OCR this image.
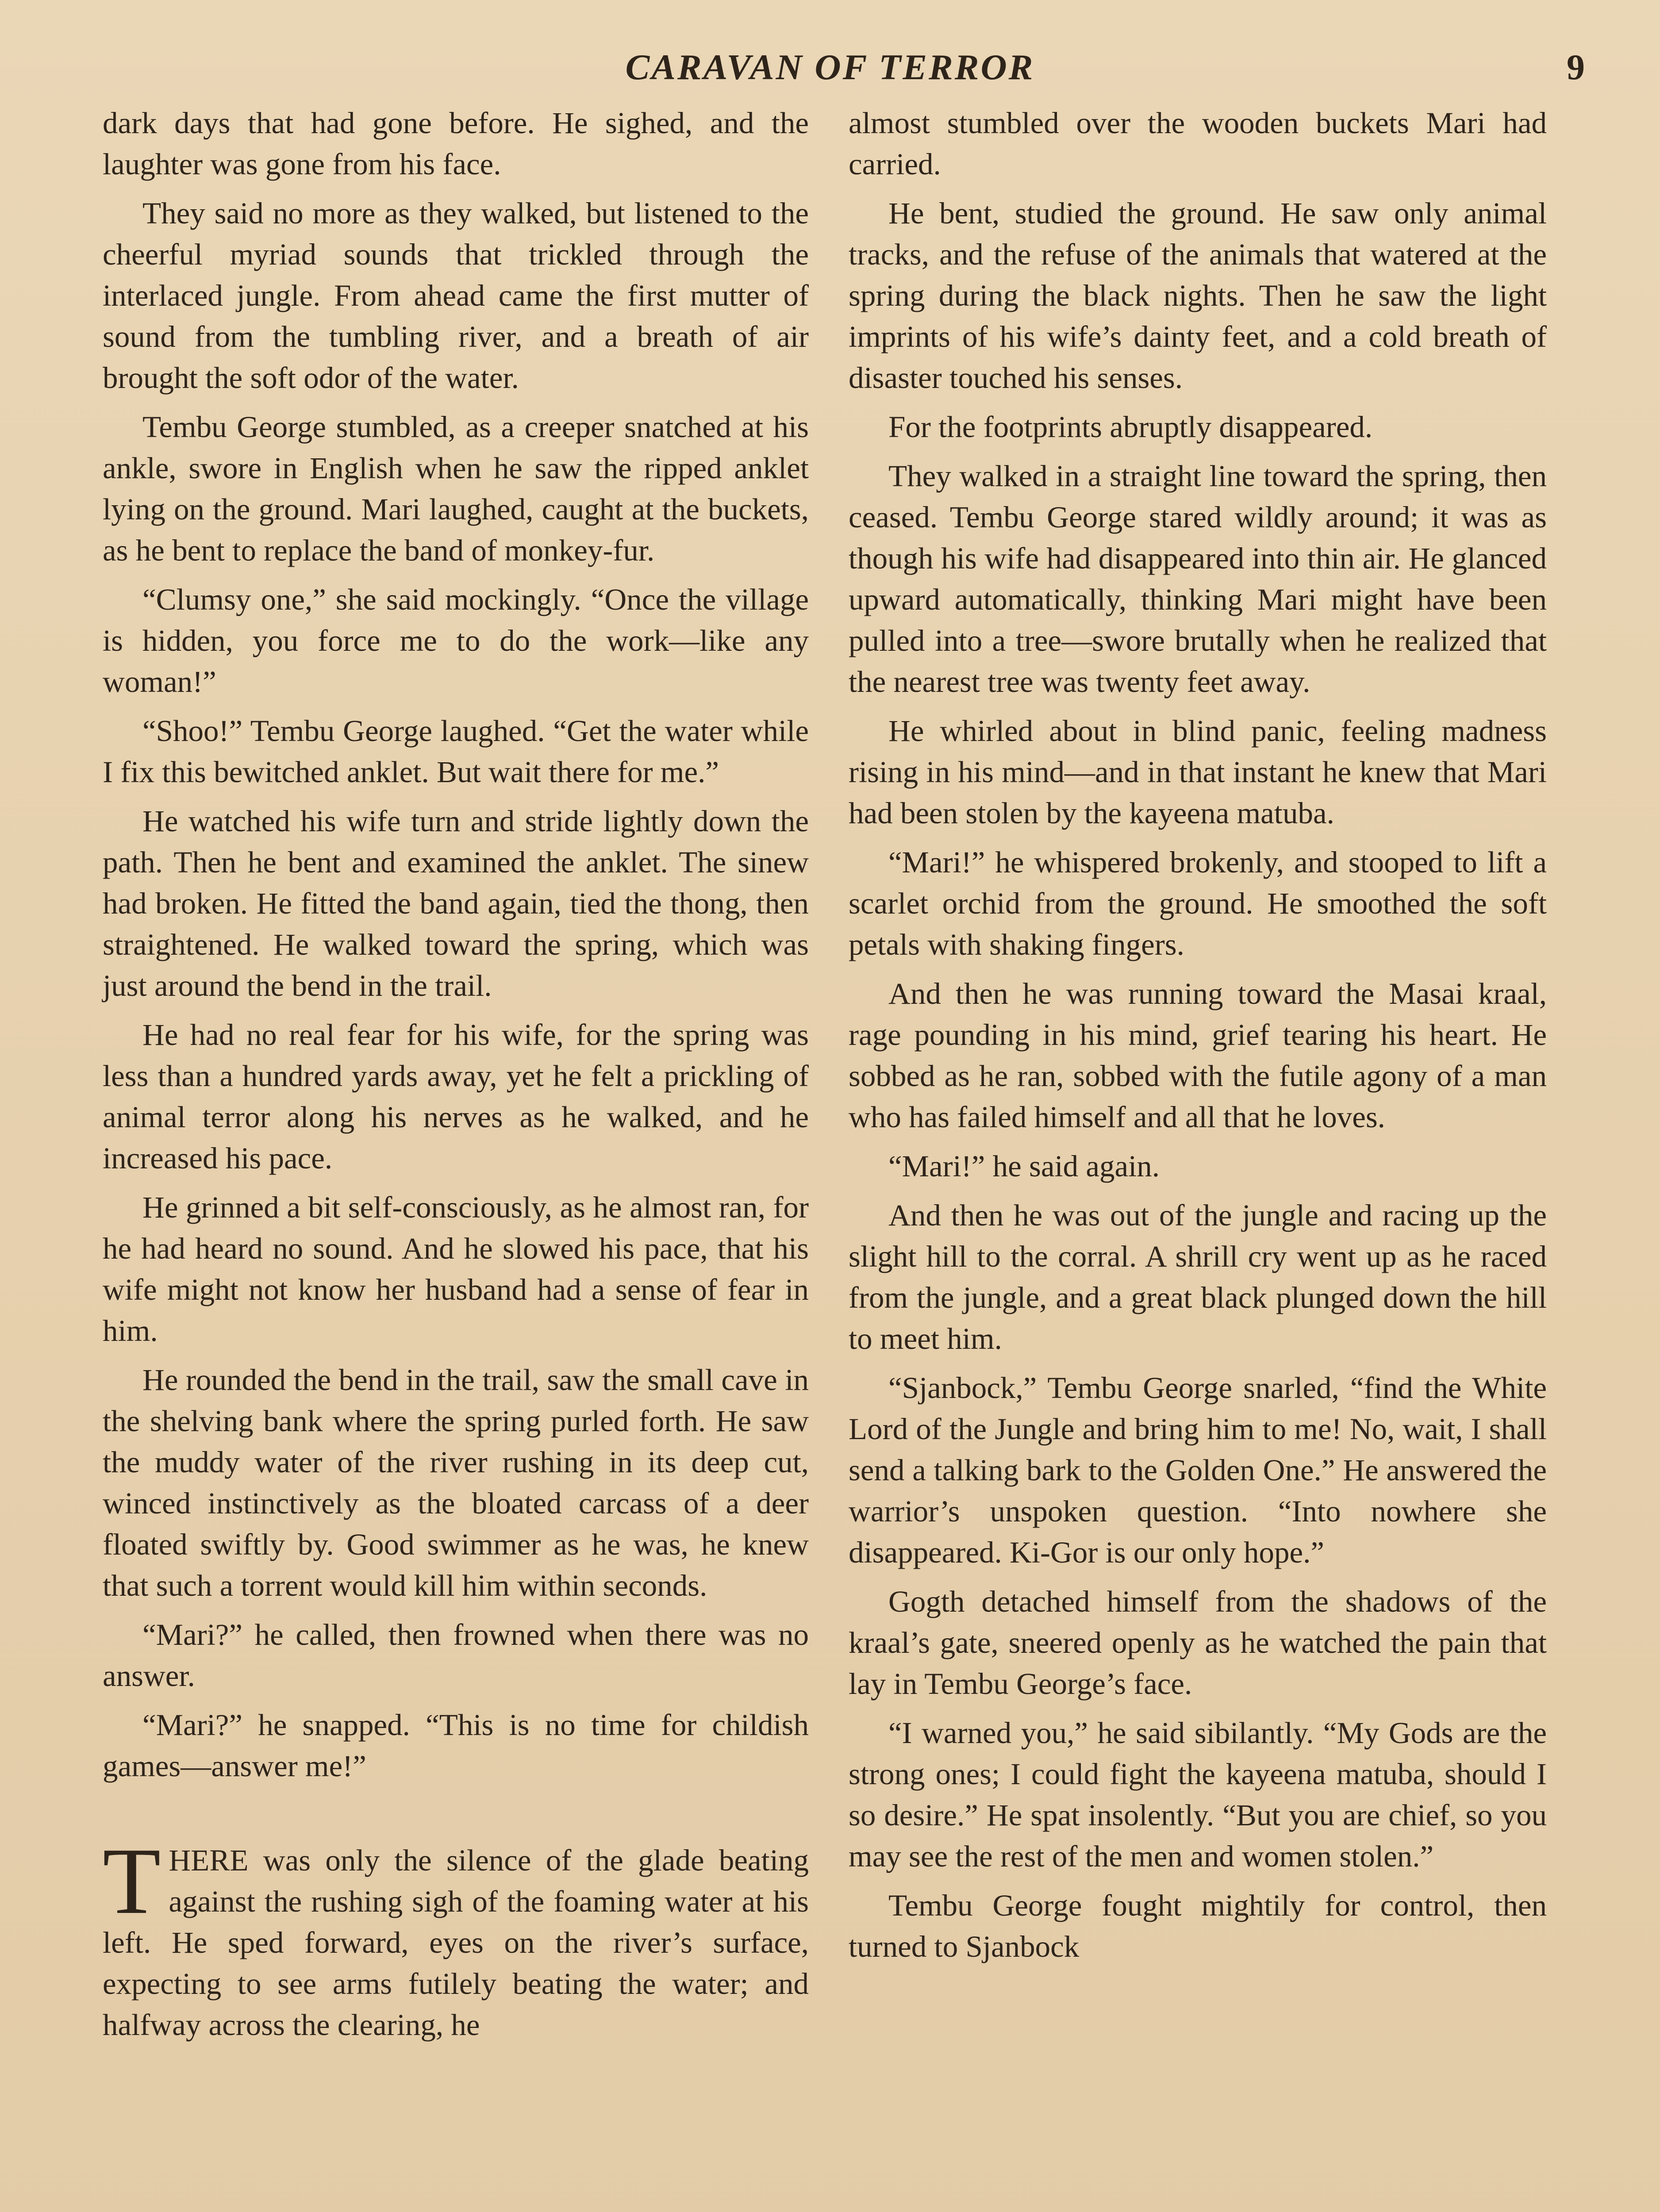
CARAVAN OF TERROR	9

dark days that had gone before. He sighed, and the laughter was gone from his face.

They said no more as they walked, but listened to the cheerful myriad sounds that trickled through the interlaced jungle. From ahead came the first mutter of sound from the tumbling river, and a breath of air brought the soft odor of the water.

Tembu George stumbled, as a creeper snatched at his ankle, swore in English when he saw the ripped anklet lying on the ground. Mari laughed, caught at the buckets, as he bent to replace the band of monkey-fur.

“Clumsy one,” she said mockingly. “Once the village is hidden, you force me to do the work—like any woman!”

“Shoo!” Tembu George laughed. “Get the water while I fix this bewitched anklet. But wait there for me.”

He watched his wife turn and stride lightly down the path. Then he bent and examined the anklet. The sinew had broken. He fitted the band again, tied the thong, then straightened. He walked toward the spring, which was just around the bend in the trail.

He had no real fear for his wife, for the spring was less than a hundred yards away, yet he felt a prickling of animal terror along his nerves as he walked, and he increased his pace.

He grinned a bit self-consciously, as he almost ran, for he had heard no sound. And he slowed his pace, that his wife might not know her husband had a sense of fear in him.

He rounded the bend in the trail, saw the small cave in the shelving bank where the spring purled forth. He saw the muddy water of the river rushing in its deep cut, winced instinctively as the bloated carcass of a deer floated swiftly by. Good swimmer as he was, he knew that such a torrent would kill him within seconds.

“Mari?” he called, then frowned when there was no answer.

“Mari?” he snapped. “This is no time for childish games—answer me!”

THERE was only the silence of the glade beating against the rushing sigh of the foaming water at his left. He sped forward, eyes on the river’s surface, expecting to see arms futilely beating the water; and halfway across the clearing, he

almost stumbled over the wooden buckets Mari had carried.

He bent, studied the ground. He saw only animal tracks, and the refuse of the animals that watered at the spring during the black nights. Then he saw the light imprints of his wife’s dainty feet, and a cold breath of disaster touched his senses.

For the footprints abruptly disappeared.

They walked in a straight line toward the spring, then ceased. Tembu George stared wildly around; it was as though his wife had disappeared into thin air. He glanced upward automatically, thinking Mari might have been pulled into a tree—swore brutally when he realized that the nearest tree was twenty feet away.

He whirled about in blind panic, feeling madness rising in his mind—and in that instant he knew that Mari had been stolen by the kayeena matuba.

“Mari!” he whispered brokenly, and stooped to lift a scarlet orchid from the ground. He smoothed the soft petals with shaking fingers.

And then he was running toward the Masai kraal, rage pounding in his mind, grief tearing his heart. He sobbed as he ran, sobbed with the futile agony of a man who has failed himself and all that he loves.

“Mari!” he said again.

And then he was out of the jungle and racing up the slight hill to the corral. A shrill cry went up as he raced from the jungle, and a great black plunged down the hill to meet him.

“Sjanbock,” Tembu George snarled, “find the White Lord of the Jungle and bring him to me! No, wait, I shall send a talking bark to the Golden One.” He answered the warrior’s unspoken question. “Into nowhere she disappeared. Ki-Gor is our only hope.”

Gogth detached himself from the shadows of the kraal’s gate, sneered openly as he watched the pain that lay in Tembu George’s face.

“I warned you,” he said sibilantly. “My Gods are the strong ones; I could fight the kayeena matuba, should I so desire.” He spat insolently. “But you are chief, so you may see the rest of the men and women stolen.”

Tembu George fought mightily for control, then turned to Sjanbock
